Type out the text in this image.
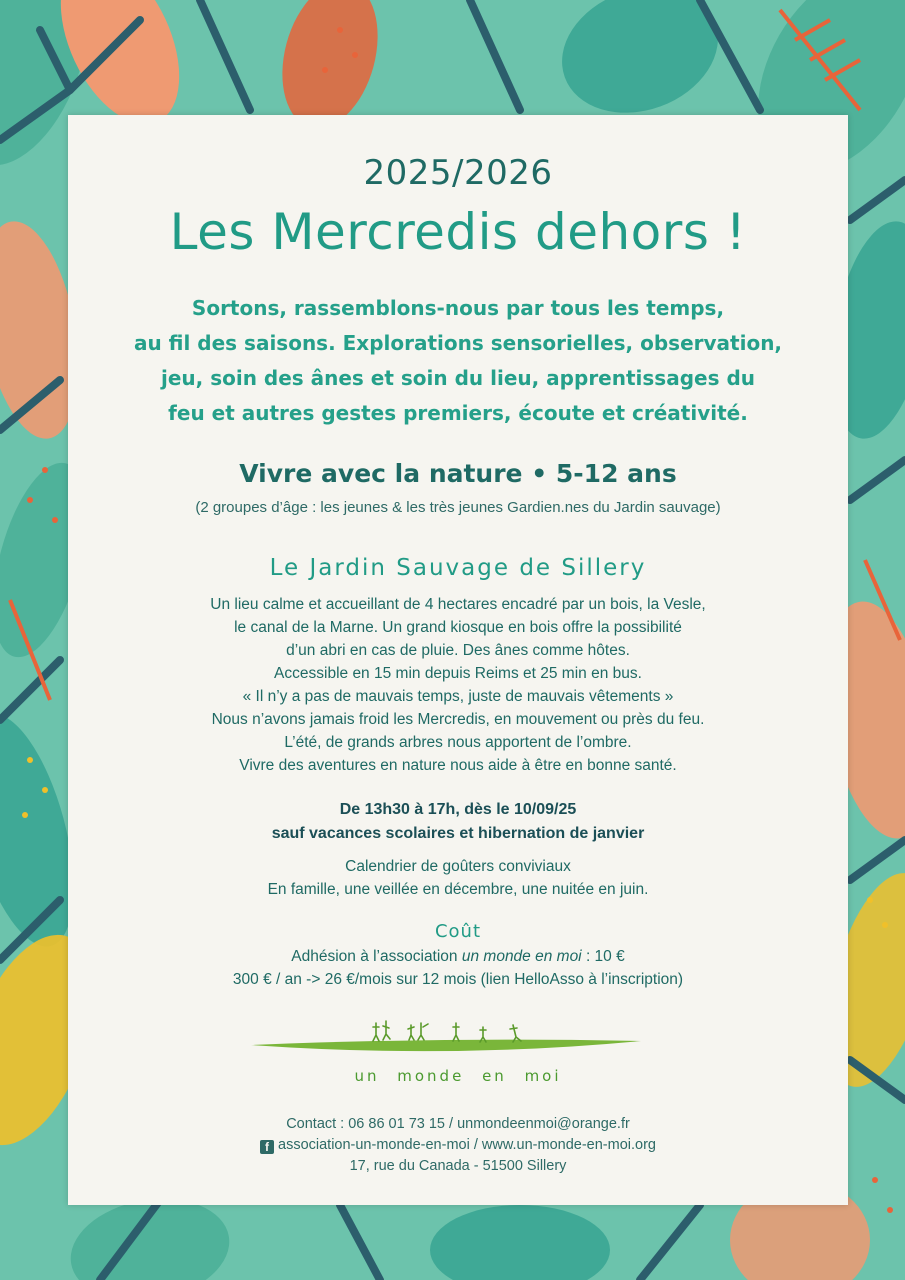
2025/2026
Les Mercredis dehors !
Sortons, rassemblons-nous par tous les temps,
au fil des saisons. Explorations sensorielles, observation,
jeu, soin des ânes et soin du lieu, apprentissages du
feu et autres gestes premiers, écoute et créativité.
Vivre avec la nature • 5-12 ans
(2 groupes d’âge : les jeunes & les très jeunes Gardien.nes du Jardin sauvage)
Le Jardin Sauvage de Sillery
Un lieu calme et accueillant de 4 hectares encadré par un bois, la Vesle,
le canal de la Marne. Un grand kiosque en bois offre la possibilité
d’un abri en cas de pluie. Des ânes comme hôtes.
Accessible en 15 min depuis Reims et 25 min en bus.
« Il n’y a pas de mauvais temps, juste de mauvais vêtements »
Nous n’avons jamais froid les Mercredis, en mouvement ou près du feu.
L’été, de grands arbres nous apportent de l’ombre.
Vivre des aventures en nature nous aide à être en bonne santé.
De 13h30 à 17h, dès le 10/09/25
sauf vacances scolaires et hibernation de janvier
Calendrier de goûters conviviaux
En famille, une veillée en décembre, une nuitée en juin.
Coût
Adhésion à l’association un monde en moi : 10 €
300 € / an -> 26 €/mois sur 12 mois (lien HelloAsso à l’inscription)
un monde en moi
Contact : 06 86 01 73 15 / unmondeenmoi@orange.fr
f association-un-monde-en-moi / www.un-monde-en-moi.org
17, rue du Canada - 51500 Sillery
